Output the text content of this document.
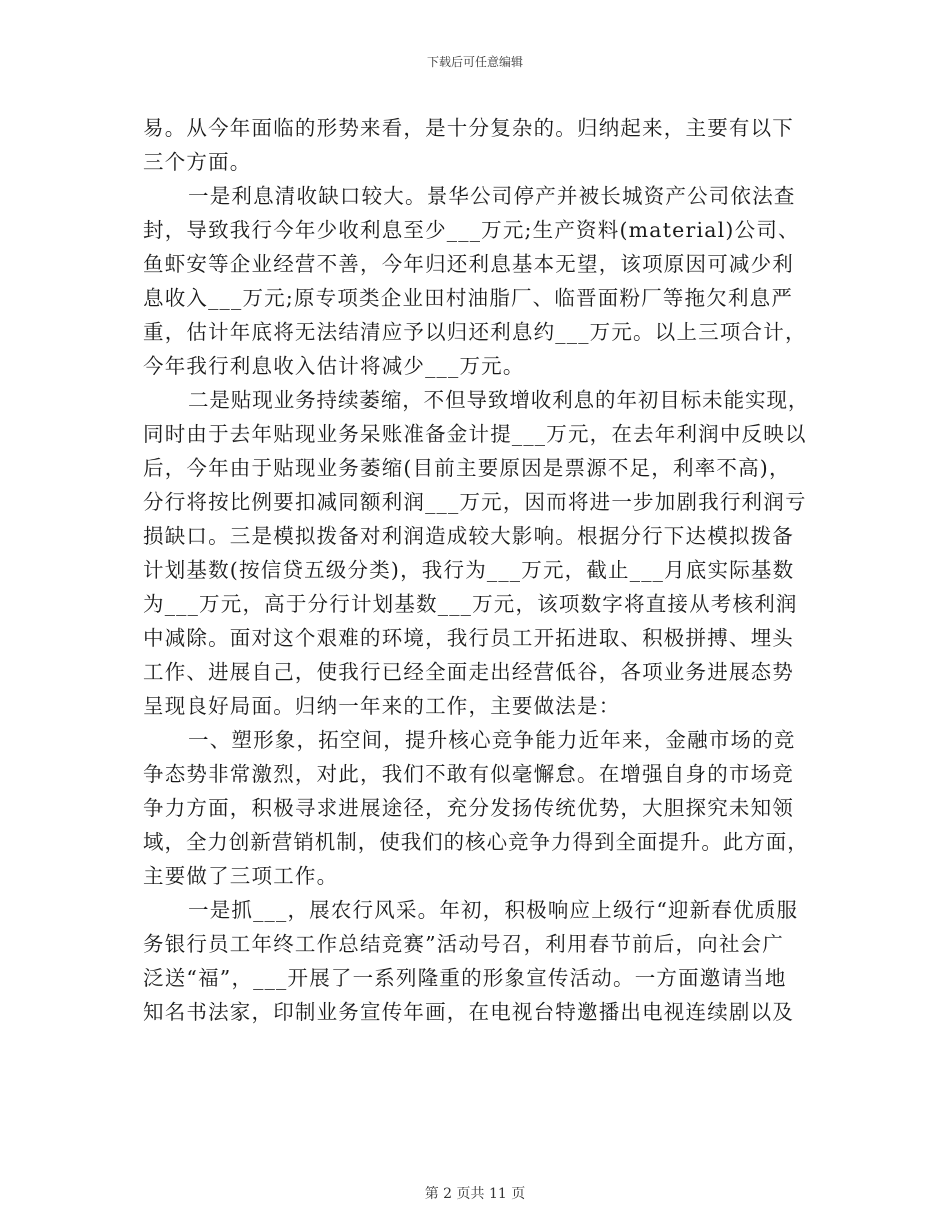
下载后可任意编辑
易。从今年面临的形势来看，是十分复杂的。归纳起来，主要有以下
三个方面。
一是利息清收缺口较大。景华公司停产并被长城资产公司依法查
封，导致我行今年少收利息至少___万元;生产资料(material)公司、
鱼虾安等企业经营不善，今年归还利息基本无望，该项原因可减少利
息收入___万元;原专项类企业田村油脂厂、临晋面粉厂等拖欠利息严
重，估计年底将无法结清应予以归还利息约___万元。以上三项合计，
今年我行利息收入估计将减少___万元。
二是贴现业务持续萎缩，不但导致增收利息的年初目标未能实现，
同时由于去年贴现业务呆账准备金计提___万元，在去年利润中反映以
后，今年由于贴现业务萎缩(目前主要原因是票源不足，利率不高)，
分行将按比例要扣减同额利润___万元，因而将进一步加剧我行利润亏
损缺口。三是模拟拨备对利润造成较大影响。根据分行下达模拟拨备
计划基数(按信贷五级分类)，我行为___万元，截止___月底实际基数
为___万元，高于分行计划基数___万元，该项数字将直接从考核利润
中减除。面对这个艰难的环境，我行员工开拓进取、积极拼搏、埋头
工作、进展自己，使我行已经全面走出经营低谷，各项业务进展态势
呈现良好局面。归纳一年来的工作，主要做法是：
一、塑形象，拓空间，提升核心竞争能力近年来，金融市场的竞
争态势非常激烈，对此，我们不敢有似毫懈怠。在增强自身的市场竞
争力方面，积极寻求进展途径，充分发扬传统优势，大胆探究未知领
域，全力创新营销机制，使我们的核心竞争力得到全面提升。此方面，
主要做了三项工作。
一是抓___，展农行风采。年初，积极响应上级行“迎新春优质服
务银行员工年终工作总结竞赛”活动号召，利用春节前后，向社会广
泛送“福”，___开展了一系列隆重的形象宣传活动。一方面邀请当地
知名书法家，印制业务宣传年画，在电视台特邀播出电视连续剧以及
第 2 页共 11 页
